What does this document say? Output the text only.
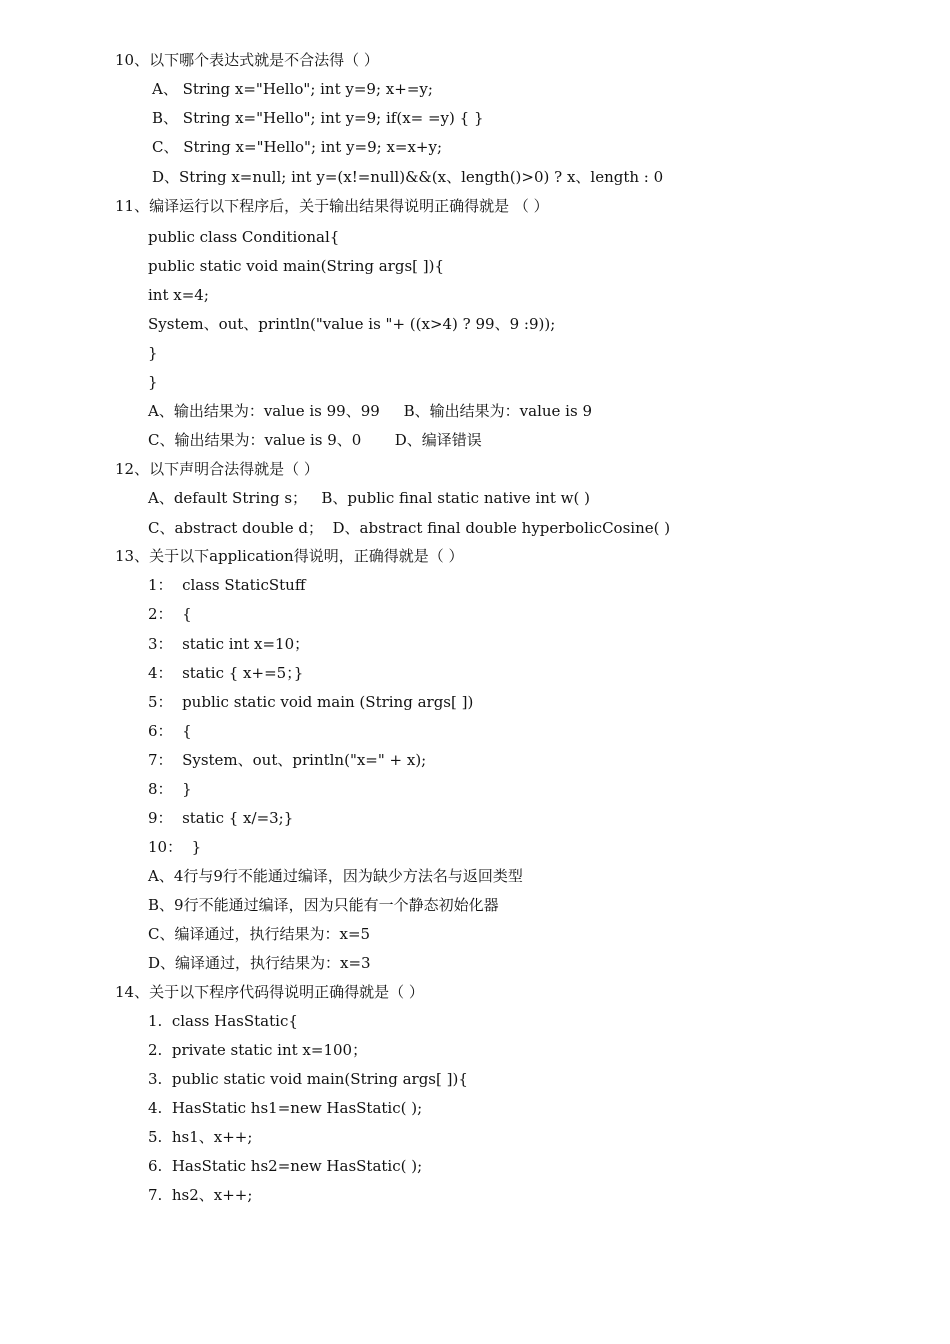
10、以下哪个表达式就是不合法得（ ）
A、 String x="Hello"; int y=9; x+=y;
B、 String x="Hello"; int y=9; if(x= =y) { }
C、 String x="Hello"; int y=9; x=x+y;
D、String x=null; int y=(x!=null)&&(x、length()>0) ? x、length : 0
11、编译运行以下程序后，关于输出结果得说明正确得就是 （ ）
public class Conditional{
public static void main(String args[ ]){
int x=4;
System、out、println("value is "+ ((x>4) ? 99、9 :9));
}
}
A、输出结果为：value is 99、99     B、输出结果为：value is 9
C、输出结果为：value is 9、0       D、编译错误
12、以下声明合法得就是（ ）
A、default String s；   B、public final static native int w( )
C、abstract double d；  D、abstract final double hyperbolicCosine( )
13、关于以下application得说明，正确得就是（ ）
1：  class StaticStuff
2：  {
3：  static int x=10；
4：  static { x+=5；}
5：  public static void main (String args[ ])
6：  {
7：  System、out、println("x=" + x);
8：  }
9：  static { x/=3;}
10：  }
A、4行与9行不能通过编译，因为缺少方法名与返回类型
B、9行不能通过编译，因为只能有一个静态初始化器
C、编译通过，执行结果为：x=5
D、编译通过，执行结果为：x=3
14、关于以下程序代码得说明正确得就是（ ）
1.  class HasStatic{
2.  private static int x=100；
3.  public static void main(String args[ ]){
4.  HasStatic hs1=new HasStatic( );
5.  hs1、x++;
6.  HasStatic hs2=new HasStatic( );
7.  hs2、x++;
